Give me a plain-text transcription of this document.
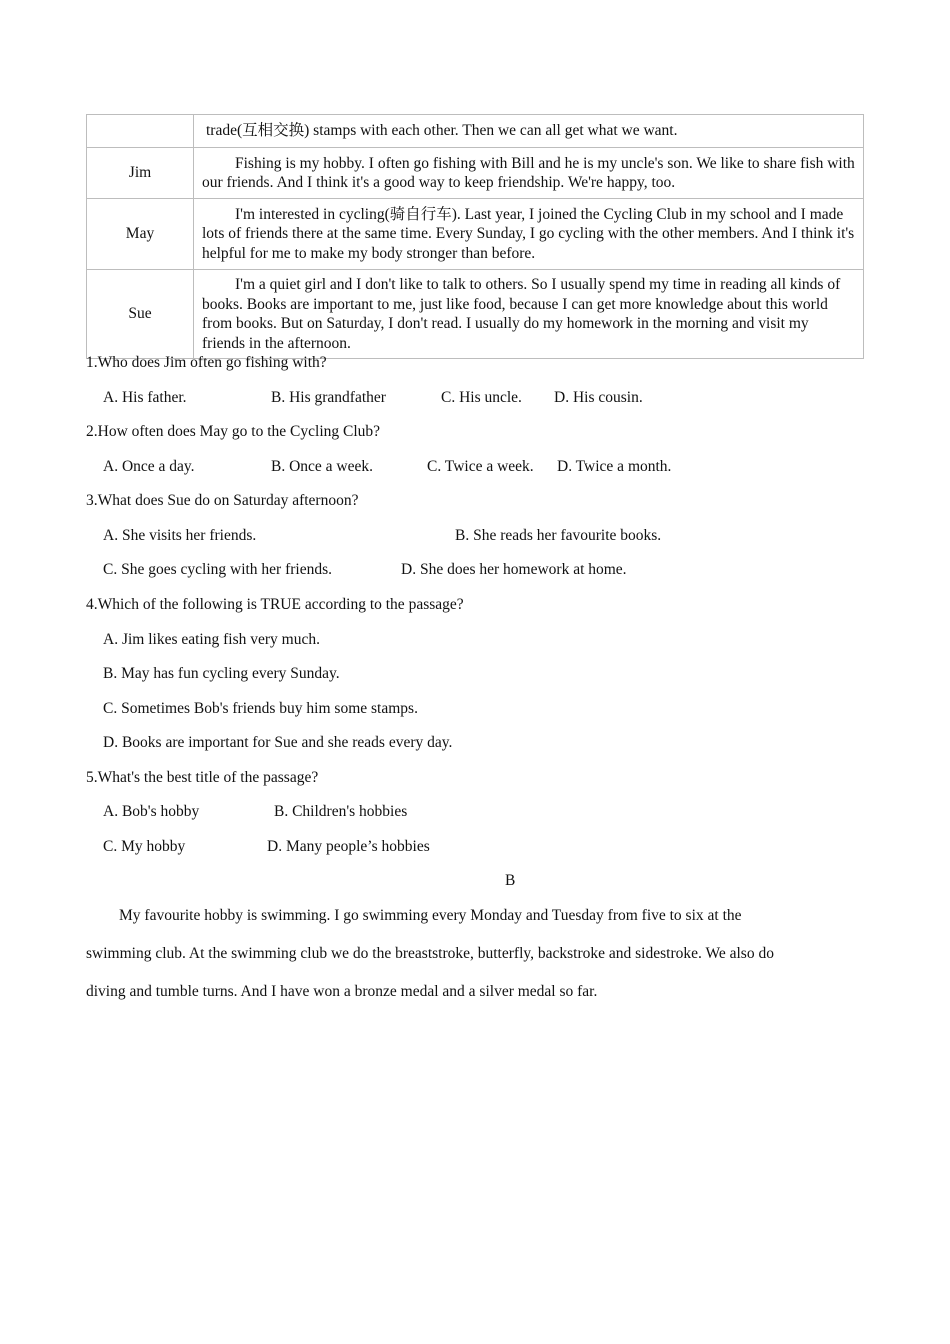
	trade(互相交换) stamps with each other. Then we can all get what we want.
Jim	Fishing is my hobby. I often go fishing with Bill and he is my uncle's son. We like to share fish with our friends. And I think it's a good way to keep friendship. We're happy, too.
May	I'm interested in cycling(骑自行车). Last year, I joined the Cycling Club in my school and I made lots of friends there at the same time. Every Sunday, I go cycling with the other members. And I think it's helpful for me to make my body stronger than before.
Sue	I'm a quiet girl and I don't like to talk to others. So I usually spend my time in reading all kinds of books. Books are important to me, just like food, because I can get more knowledge about this world from books. But on Saturday, I don't read. I usually do my homework in the morning and visit my friends in the afternoon.
1.Who does Jim often go fishing with?
A. His father.	B. His grandfather	C. His uncle. D. His cousin.
2.How often does May go to the Cycling Club?
A. Once a day.	B. Once a week.	C. Twice a week. D. Twice a month.
3.What does Sue do on Saturday afternoon?
A. She visits her friends.	B. She reads her favourite books.
C. She goes cycling with her friends.	D. She does her homework at home.
4.Which of the following is TRUE according to the passage?
A. Jim likes eating fish very much.
B. May has fun cycling every Sunday.
C. Sometimes Bob's friends buy him some stamps.
D. Books are important for Sue and she reads every day.
5.What's the best title of the passage?
A. Bob's hobby	B. Children's hobbies
C. My hobby	D. Many people’s hobbies
B
My favourite hobby is swimming. I go swimming every Monday and Tuesday from five to six at the
swimming club. At the swimming club we do the breaststroke, butterfly, backstroke and sidestroke. We also do
diving and tumble turns. And I have won a bronze medal and a silver medal so far.
